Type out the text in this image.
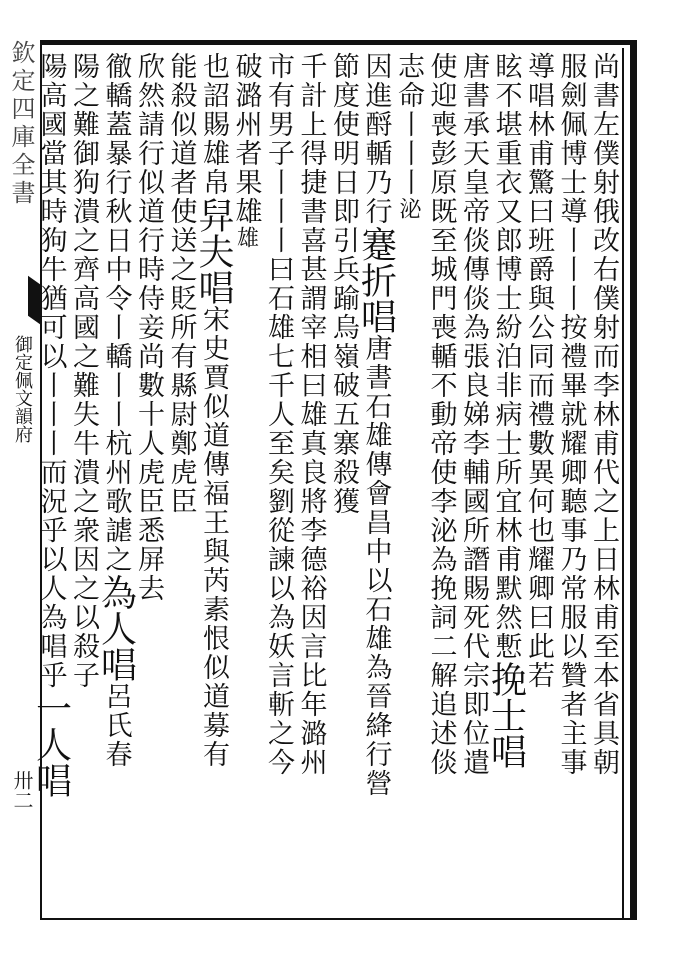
欽定四庫全書
御定佩文韻府
卅二
尚書左僕射俄改右僕射而李林甫代之上日林甫至本省具朝
服劍佩博士導丨丨丨按禮畢就耀卿聽事乃常服以贊者主事
導唱林甫驚曰班爵與公同而禮數異何也耀卿曰此若
眩不堪重衣又郎博士紛泊非病士所宜林甫默然慙挽士唱
唐書承天皇帝倓傳倓為張良娣李輔國所譖賜死代宗即位遣
使迎喪彭原既至城門喪輴不動帝使李泌為挽詞二解追述倓
志命丨丨丨泌
因進酹輴乃行蹇折唱唐書石雄傳會昌中以石雄為晉絳行營
節度使明日即引兵踰烏嶺破五寨殺獲
千計上得捷書喜甚謂宰相曰雄真良將李德裕因言比年潞州
市有男子丨丨丨曰石雄七千人至矣劉從諫以為妖言斬之今
破潞州者果雄雄
也詔賜雄帛舁夫唱宋史賈似道傳福王與芮素恨似道募有
能殺似道者使送之貶所有縣尉鄭虎臣
欣然請行似道行時侍妾尚數十人虎臣悉屏去
徹轎蓋暴行秋日中令丨轎丨丨杭州歌謔之為人唱呂氏春
陽之難御狗潰之齊高國之難失牛潰之衆因之以殺子
陽高國當其時狗牛猶可以丨丨丨而況乎以人為唱乎一人唱
